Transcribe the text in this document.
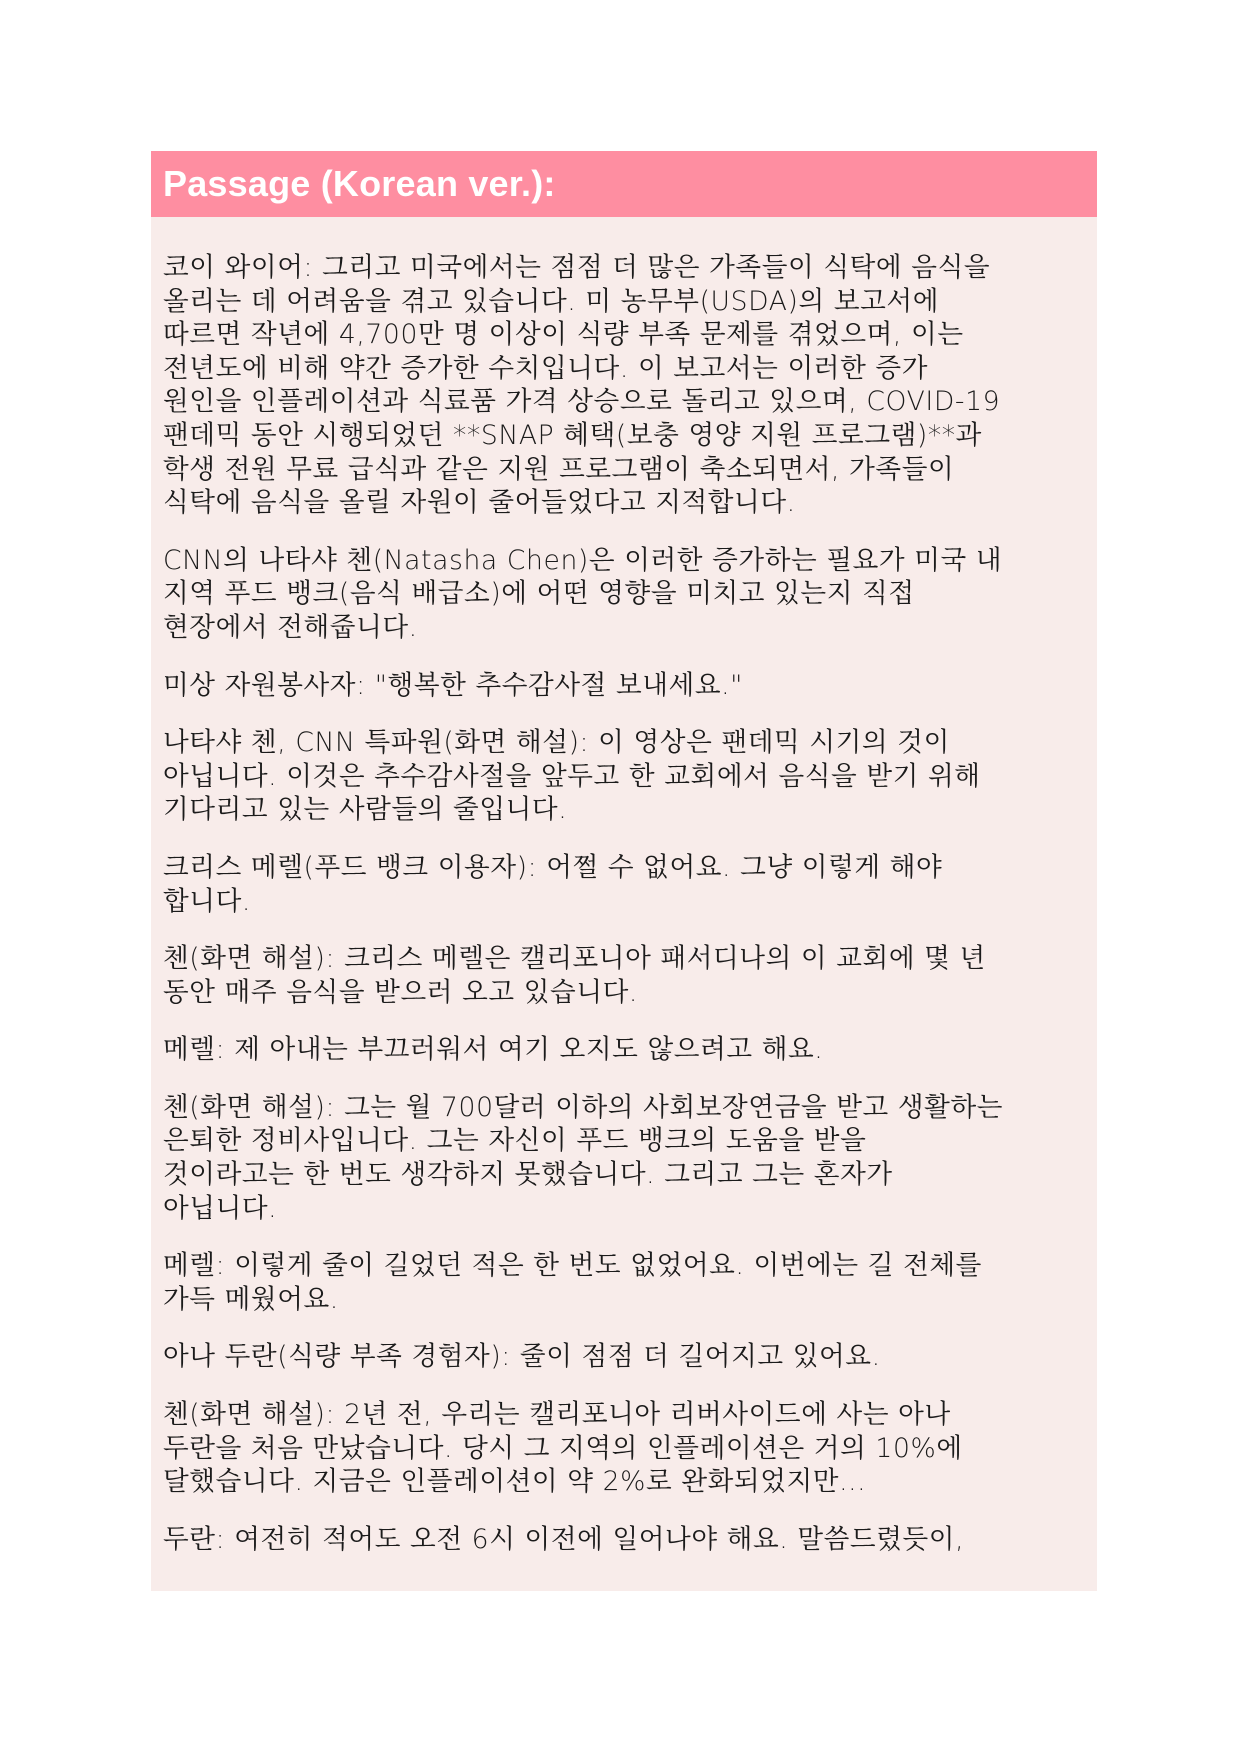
Passage (Korean ver.):

코이 와이어: 그리고 미국에서는 점점 더 많은 가족들이 식탁에 음식을
올리는 데 어려움을 겪고 있습니다. 미 농무부(USDA)의 보고서에
따르면 작년에 4,700만 명 이상이 식량 부족 문제를 겪었으며, 이는
전년도에 비해 약간 증가한 수치입니다. 이 보고서는 이러한 증가
원인을 인플레이션과 식료품 가격 상승으로 돌리고 있으며, COVID-19
팬데믹 동안 시행되었던 **SNAP 혜택(보충 영양 지원 프로그램)**과
학생 전원 무료 급식과 같은 지원 프로그램이 축소되면서, 가족들이
식탁에 음식을 올릴 자원이 줄어들었다고 지적합니다.

CNN의 나타샤 첸(Natasha Chen)은 이러한 증가하는 필요가 미국 내
지역 푸드 뱅크(음식 배급소)에 어떤 영향을 미치고 있는지 직접
현장에서 전해줍니다.

미상 자원봉사자: "행복한 추수감사절 보내세요."

나타샤 첸, CNN 특파원(화면 해설): 이 영상은 팬데믹 시기의 것이
아닙니다. 이것은 추수감사절을 앞두고 한 교회에서 음식을 받기 위해
기다리고 있는 사람들의 줄입니다.

크리스 메렐(푸드 뱅크 이용자): 어쩔 수 없어요. 그냥 이렇게 해야
합니다.

첸(화면 해설): 크리스 메렐은 캘리포니아 패서디나의 이 교회에 몇 년
동안 매주 음식을 받으러 오고 있습니다.

메렐: 제 아내는 부끄러워서 여기 오지도 않으려고 해요.

첸(화면 해설): 그는 월 700달러 이하의 사회보장연금을 받고 생활하는
은퇴한 정비사입니다. 그는 자신이 푸드 뱅크의 도움을 받을
것이라고는 한 번도 생각하지 못했습니다. 그리고 그는 혼자가
아닙니다.

메렐: 이렇게 줄이 길었던 적은 한 번도 없었어요. 이번에는 길 전체를
가득 메웠어요.

아나 두란(식량 부족 경험자): 줄이 점점 더 길어지고 있어요.

첸(화면 해설): 2년 전, 우리는 캘리포니아 리버사이드에 사는 아나
두란을 처음 만났습니다. 당시 그 지역의 인플레이션은 거의 10%에
달했습니다. 지금은 인플레이션이 약 2%로 완화되었지만...

두란: 여전히 적어도 오전 6시 이전에 일어나야 해요. 말씀드렸듯이,
